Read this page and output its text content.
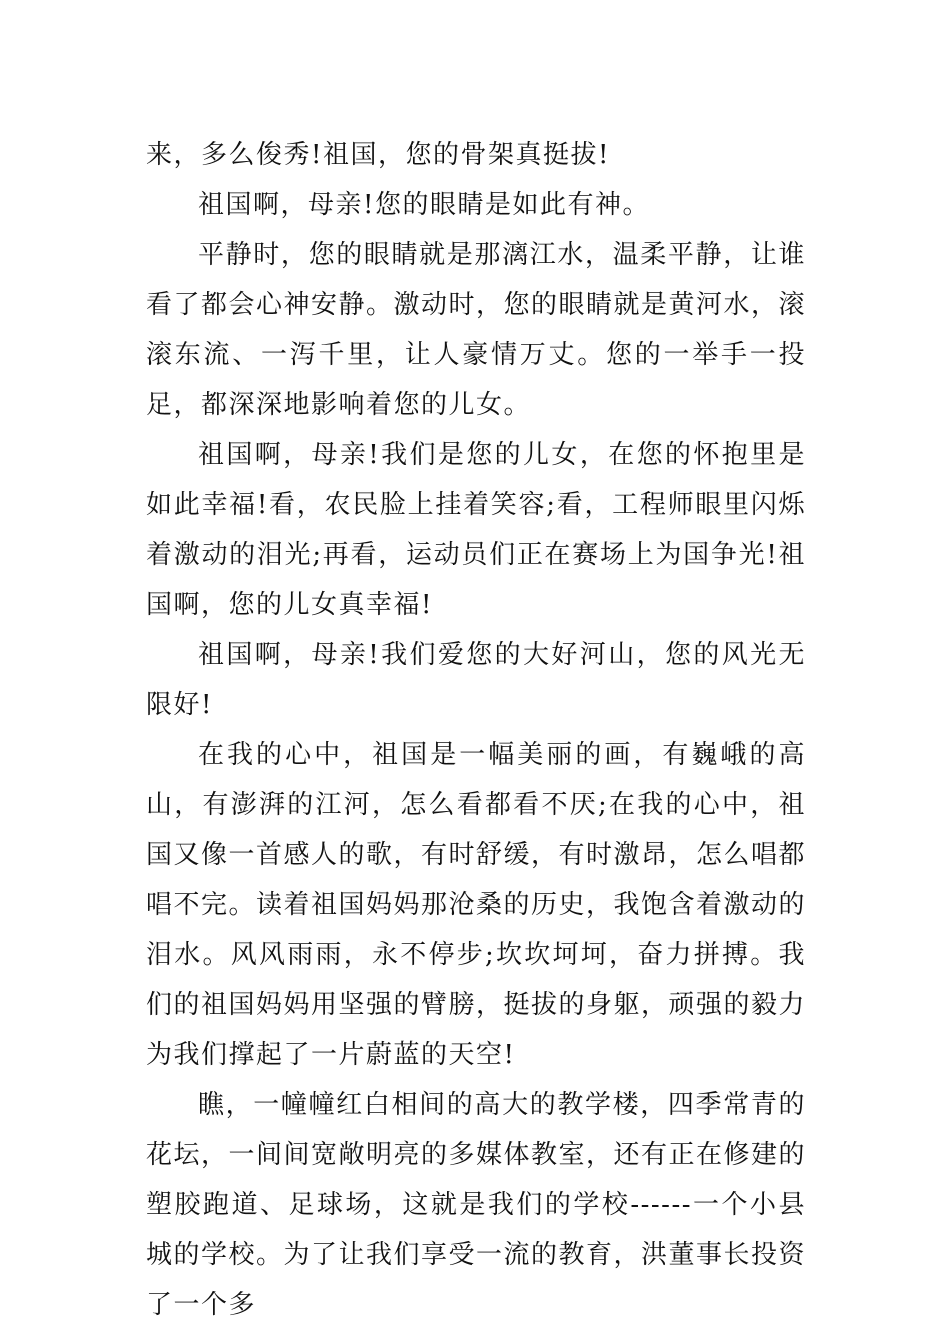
来，多么俊秀!祖国，您的骨架真挺拔!

祖国啊，母亲!您的眼睛是如此有神。

平静时，您的眼睛就是那漓江水，温柔平静，让谁看了都会心神安静。激动时，您的眼睛就是黄河水，滚滚东流、一泻千里，让人豪情万丈。您的一举手一投足，都深深地影响着您的儿女。

祖国啊，母亲!我们是您的儿女，在您的怀抱里是如此幸福!看，农民脸上挂着笑容;看，工程师眼里闪烁着激动的泪光;再看，运动员们正在赛场上为国争光!祖国啊，您的儿女真幸福!

祖国啊，母亲!我们爱您的大好河山，您的风光无限好!

在我的心中，祖国是一幅美丽的画，有巍峨的高山，有澎湃的江河，怎么看都看不厌;在我的心中，祖国又像一首感人的歌，有时舒缓，有时激昂，怎么唱都唱不完。读着祖国妈妈那沧桑的历史，我饱含着激动的泪水。风风雨雨，永不停步;坎坎坷坷，奋力拼搏。我们的祖国妈妈用坚强的臂膀，挺拔的身躯，顽强的毅力为我们撑起了一片蔚蓝的天空!

瞧，一幢幢红白相间的高大的教学楼，四季常青的花坛，一间间宽敞明亮的多媒体教室，还有正在修建的塑胶跑道、足球场，这就是我们的学校------一个小县城的学校。为了让我们享受一流的教育，洪董事长投资了一个多
